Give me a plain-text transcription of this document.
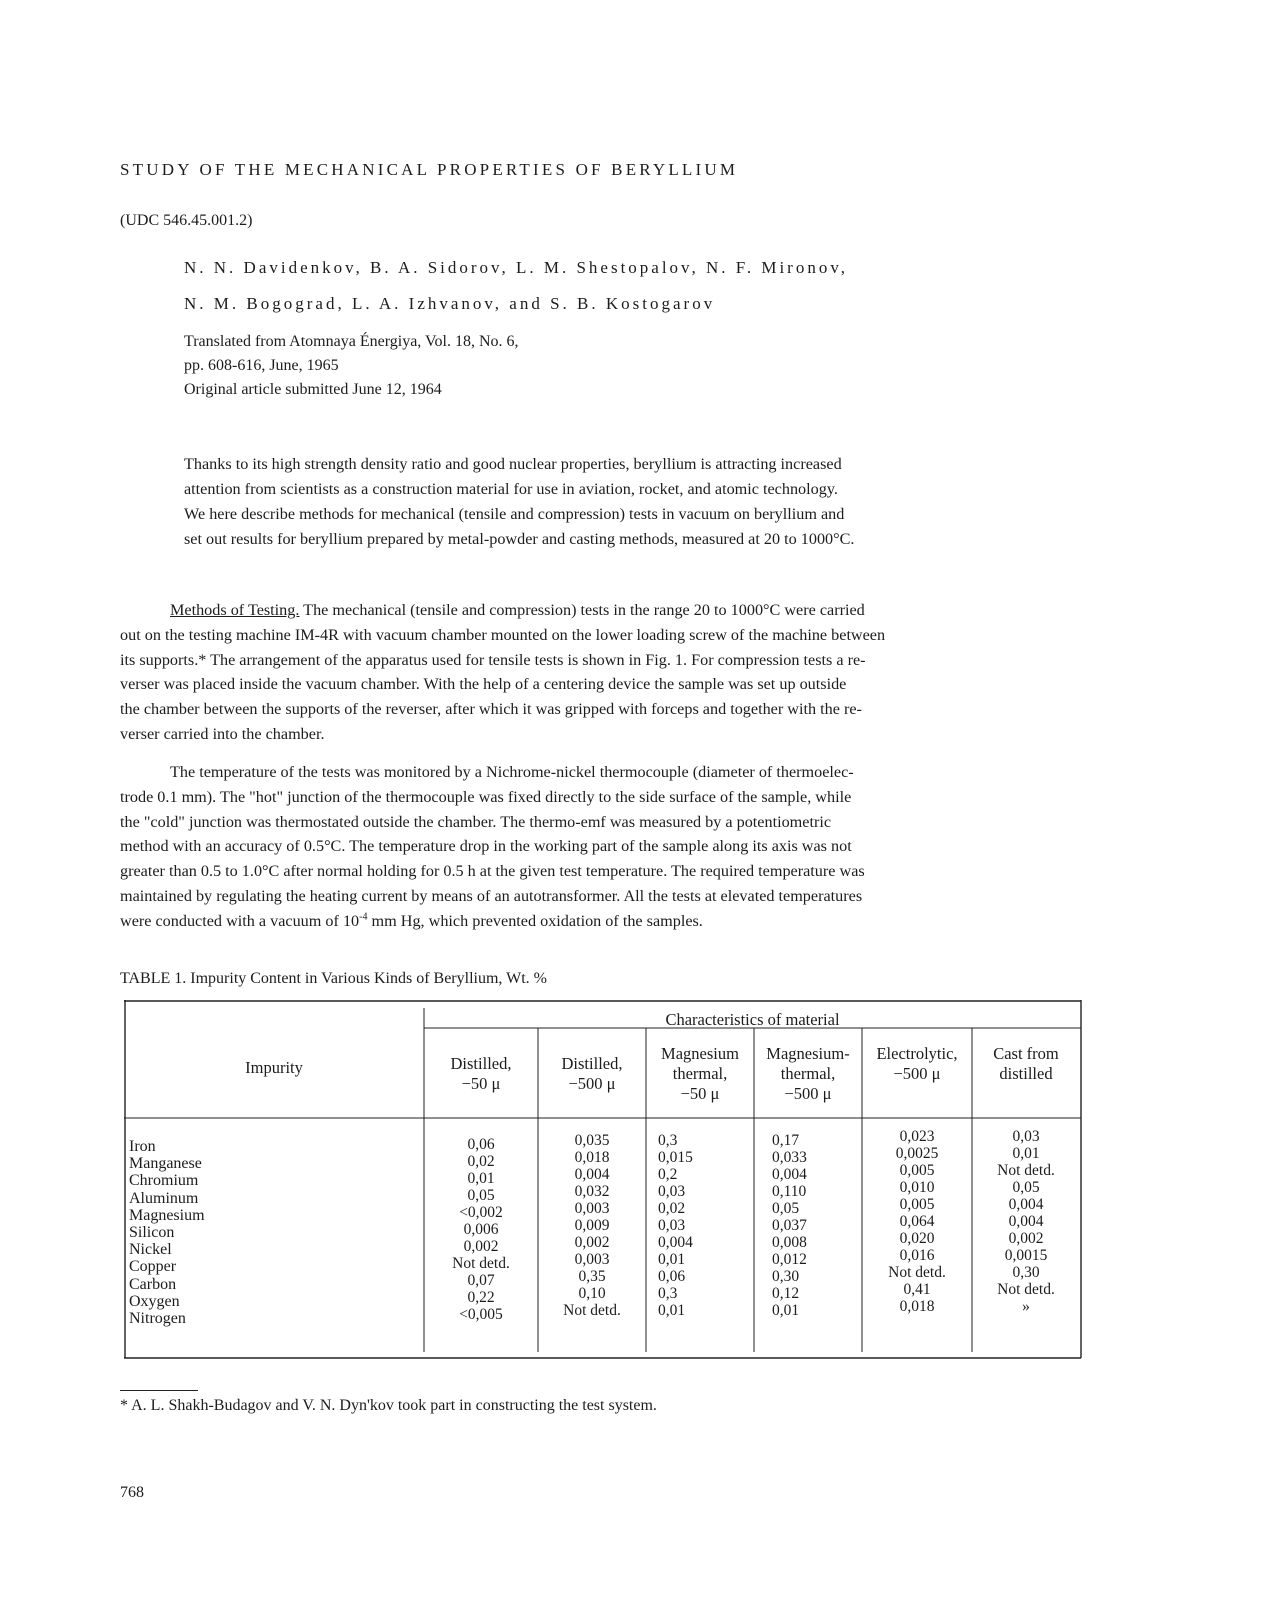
STUDY OF THE MECHANICAL PROPERTIES OF BERYLLIUM
(UDC 546.45.001.2)
N. N. Davidenkov, B. A. Sidorov, L. M. Shestopalov, N. F. Mironov,
N. M. Bogograd, L. A. Izhvanov, and S. B. Kostogarov
Translated from Atomnaya Énergiya, Vol. 18, No. 6,
pp. 608-616, June, 1965
Original article submitted June 12, 1964
Thanks to its high strength density ratio and good nuclear properties, beryllium is attracting increased
attention from scientists as a construction material for use in aviation, rocket, and atomic technology.
We here describe methods for mechanical (tensile and compression) tests in vacuum on beryllium and
set out results for beryllium prepared by metal-powder and casting methods, measured at 20 to 1000°C.
Methods of Testing. The mechanical (tensile and compression) tests in the range 20 to 1000°C were carried
out on the testing machine IM-4R with vacuum chamber mounted on the lower loading screw of the machine between
its supports.* The arrangement of the apparatus used for tensile tests is shown in Fig. 1. For compression tests a re-
verser was placed inside the vacuum chamber. With the help of a centering device the sample was set up outside
the chamber between the supports of the reverser, after which it was gripped with forceps and together with the re-
verser carried into the chamber.
The temperature of the tests was monitored by a Nichrome-nickel thermocouple (diameter of thermoelec-
trode 0.1 mm). The "hot" junction of the thermocouple was fixed directly to the side surface of the sample, while
the "cold" junction was thermostated outside the chamber. The thermo-emf was measured by a potentiometric
method with an accuracy of 0.5°C. The temperature drop in the working part of the sample along its axis was not
greater than 0.5 to 1.0°C after normal holding for 0.5 h at the given test temperature. The required temperature was
maintained by regulating the heating current by means of an autotransformer. All the tests at elevated temperatures
were conducted with a vacuum of $10^{-4}$ mm Hg, which prevented oxidation of the samples.
TABLE 1. Impurity Content in Various Kinds of Beryllium, Wt. %
Impurity
Characteristics of material
Distilled,
−50 μ
Distilled,
−500 μ
Magnesium
thermal,
−50 μ
Magnesium-
thermal,
−500 μ
Electrolytic,
−500 μ
Cast from
distilled
Iron
Manganese
Chromium
Aluminum
Magnesium
Silicon
Nickel
Copper
Carbon
Oxygen
Nitrogen
0,06
0,02
0,01
0,05
<0,002
0,006
0,002
Not detd.
0,07
0,22
<0,005
0,035
0,018
0,004
0,032
0,003
0,009
0,002
0,003
0,35
0,10
Not detd.
0,3
0,015
0,2
0,03
0,02
0,03
0,004
0,01
0,06
0,3
0,01
0,17
0,033
0,004
0,110
0,05
0,037
0,008
0,012
0,30
0,12
0,01
0,023
0,0025
0,005
0,010
0,005
0,064
0,020
0,016
Not detd.
0,41
0,018
0,03
0,01
Not detd.
0,05
0,004
0,004
0,002
0,0015
0,30
Not detd.
»
* A. L. Shakh-Budagov and V. N. Dyn'kov took part in constructing the test system.
768
